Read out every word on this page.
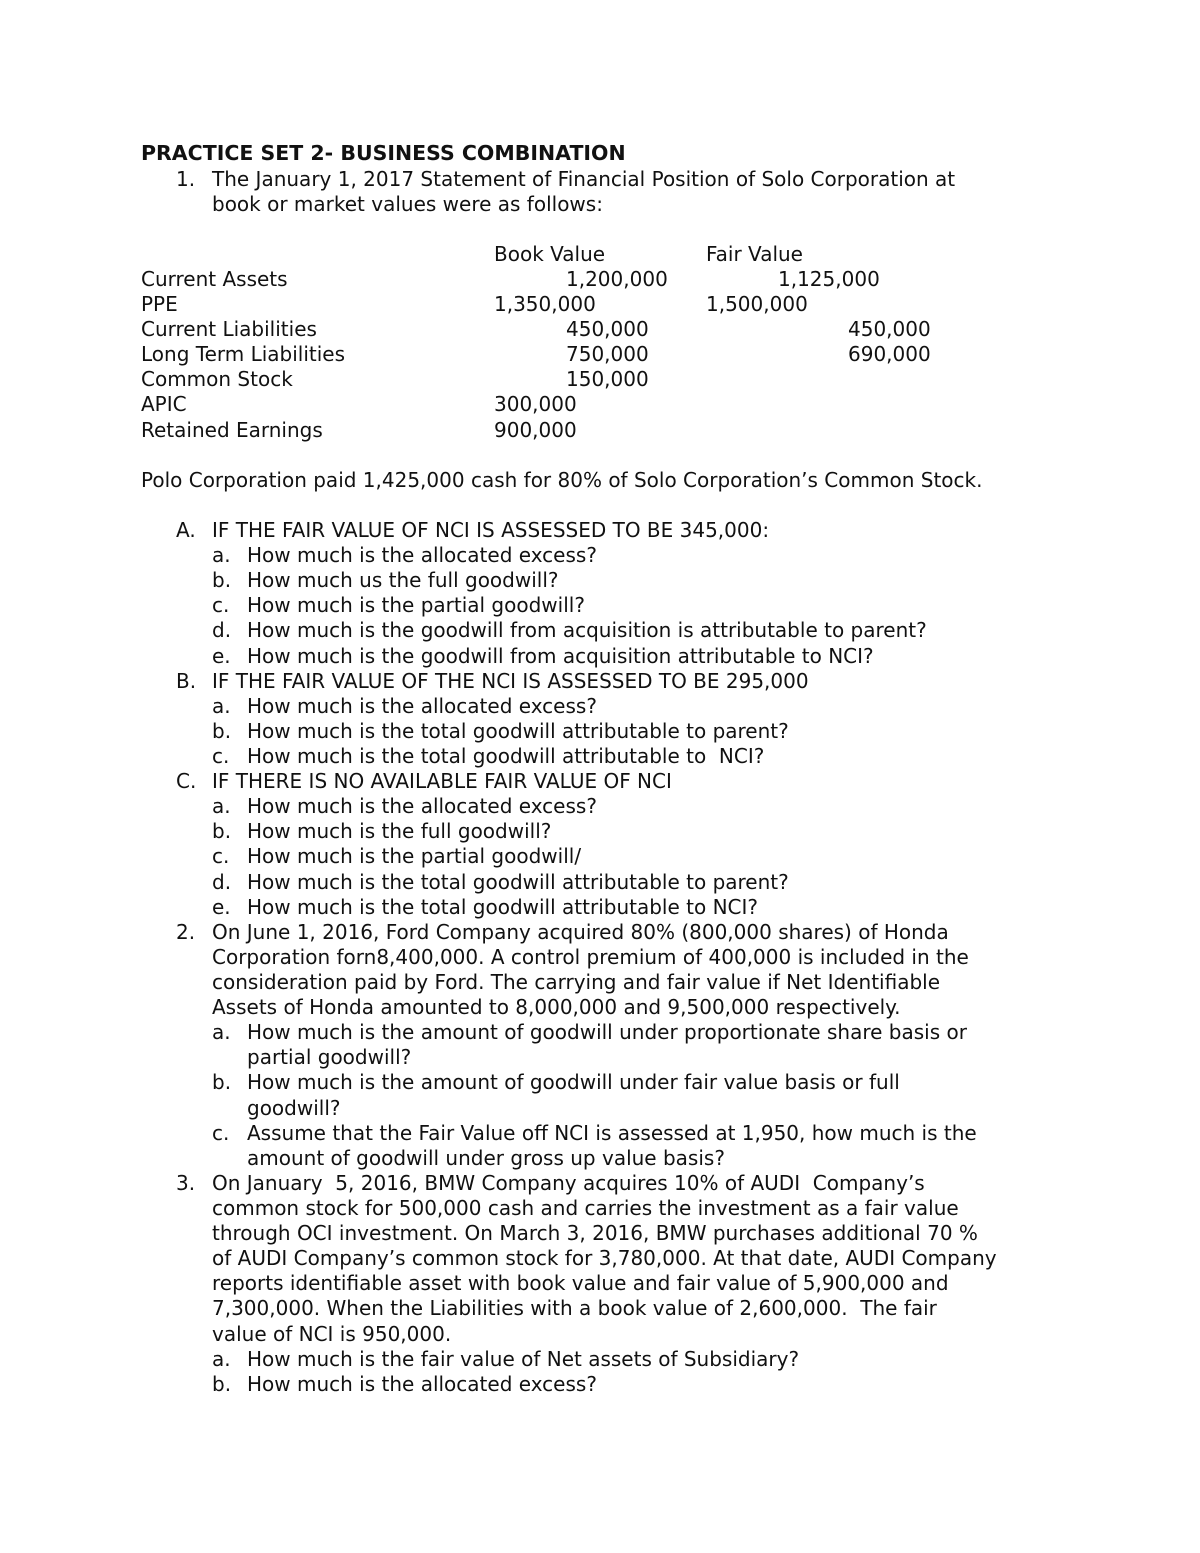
PRACTICE SET 2- BUSINESS COMBINATION
1. The January 1, 2017 Statement of Financial Position of Solo Corporation at
book or market values were as follows:
Book Value	Fair Value
Current Assets	1,200,000	1,125,000
PPE	1,350,000	1,500,000
Current Liabilities	450,000	450,000
Long Term Liabilities	750,000	690,000
Common Stock	150,000
APIC	300,000
Retained Earnings	900,000
Polo Corporation paid 1,425,000 cash for 80% of Solo Corporation’s Common Stock.
A. IF THE FAIR VALUE OF NCI IS ASSESSED TO BE 345,000:
a. How much is the allocated excess?
b. How much us the full goodwill?
c. How much is the partial goodwill?
d. How much is the goodwill from acquisition is attributable to parent?
e. How much is the goodwill from acquisition attributable to NCI?
B. IF THE FAIR VALUE OF THE NCI IS ASSESSED TO BE 295,000
a. How much is the allocated excess?
b. How much is the total goodwill attributable to parent?
c. How much is the total goodwill attributable to  NCI?
C. IF THERE IS NO AVAILABLE FAIR VALUE OF NCI
a. How much is the allocated excess?
b. How much is the full goodwill?
c. How much is the partial goodwill/
d. How much is the total goodwill attributable to parent?
e. How much is the total goodwill attributable to NCI?
2. On June 1, 2016, Ford Company acquired 80% (800,000 shares) of Honda
Corporation forn8,400,000. A control premium of 400,000 is included in the
consideration paid by Ford. The carrying and fair value if Net Identifiable
Assets of Honda amounted to 8,000,000 and 9,500,000 respectively.
a. How much is the amount of goodwill under proportionate share basis or
partial goodwill?
b. How much is the amount of goodwill under fair value basis or full
goodwill?
c. Assume that the Fair Value off NCI is assessed at 1,950, how much is the
amount of goodwill under gross up value basis?
3. On January  5, 2016, BMW Company acquires 10% of AUDI  Company’s
common stock for 500,000 cash and carries the investment as a fair value
through OCI investment. On March 3, 2016, BMW purchases additional 70 %
of AUDI Company’s common stock for 3,780,000. At that date, AUDI Company
reports identifiable asset with book value and fair value of 5,900,000 and
7,300,000. When the Liabilities with a book value of 2,600,000.  The fair
value of NCI is 950,000.
a. How much is the fair value of Net assets of Subsidiary?
b. How much is the allocated excess?
